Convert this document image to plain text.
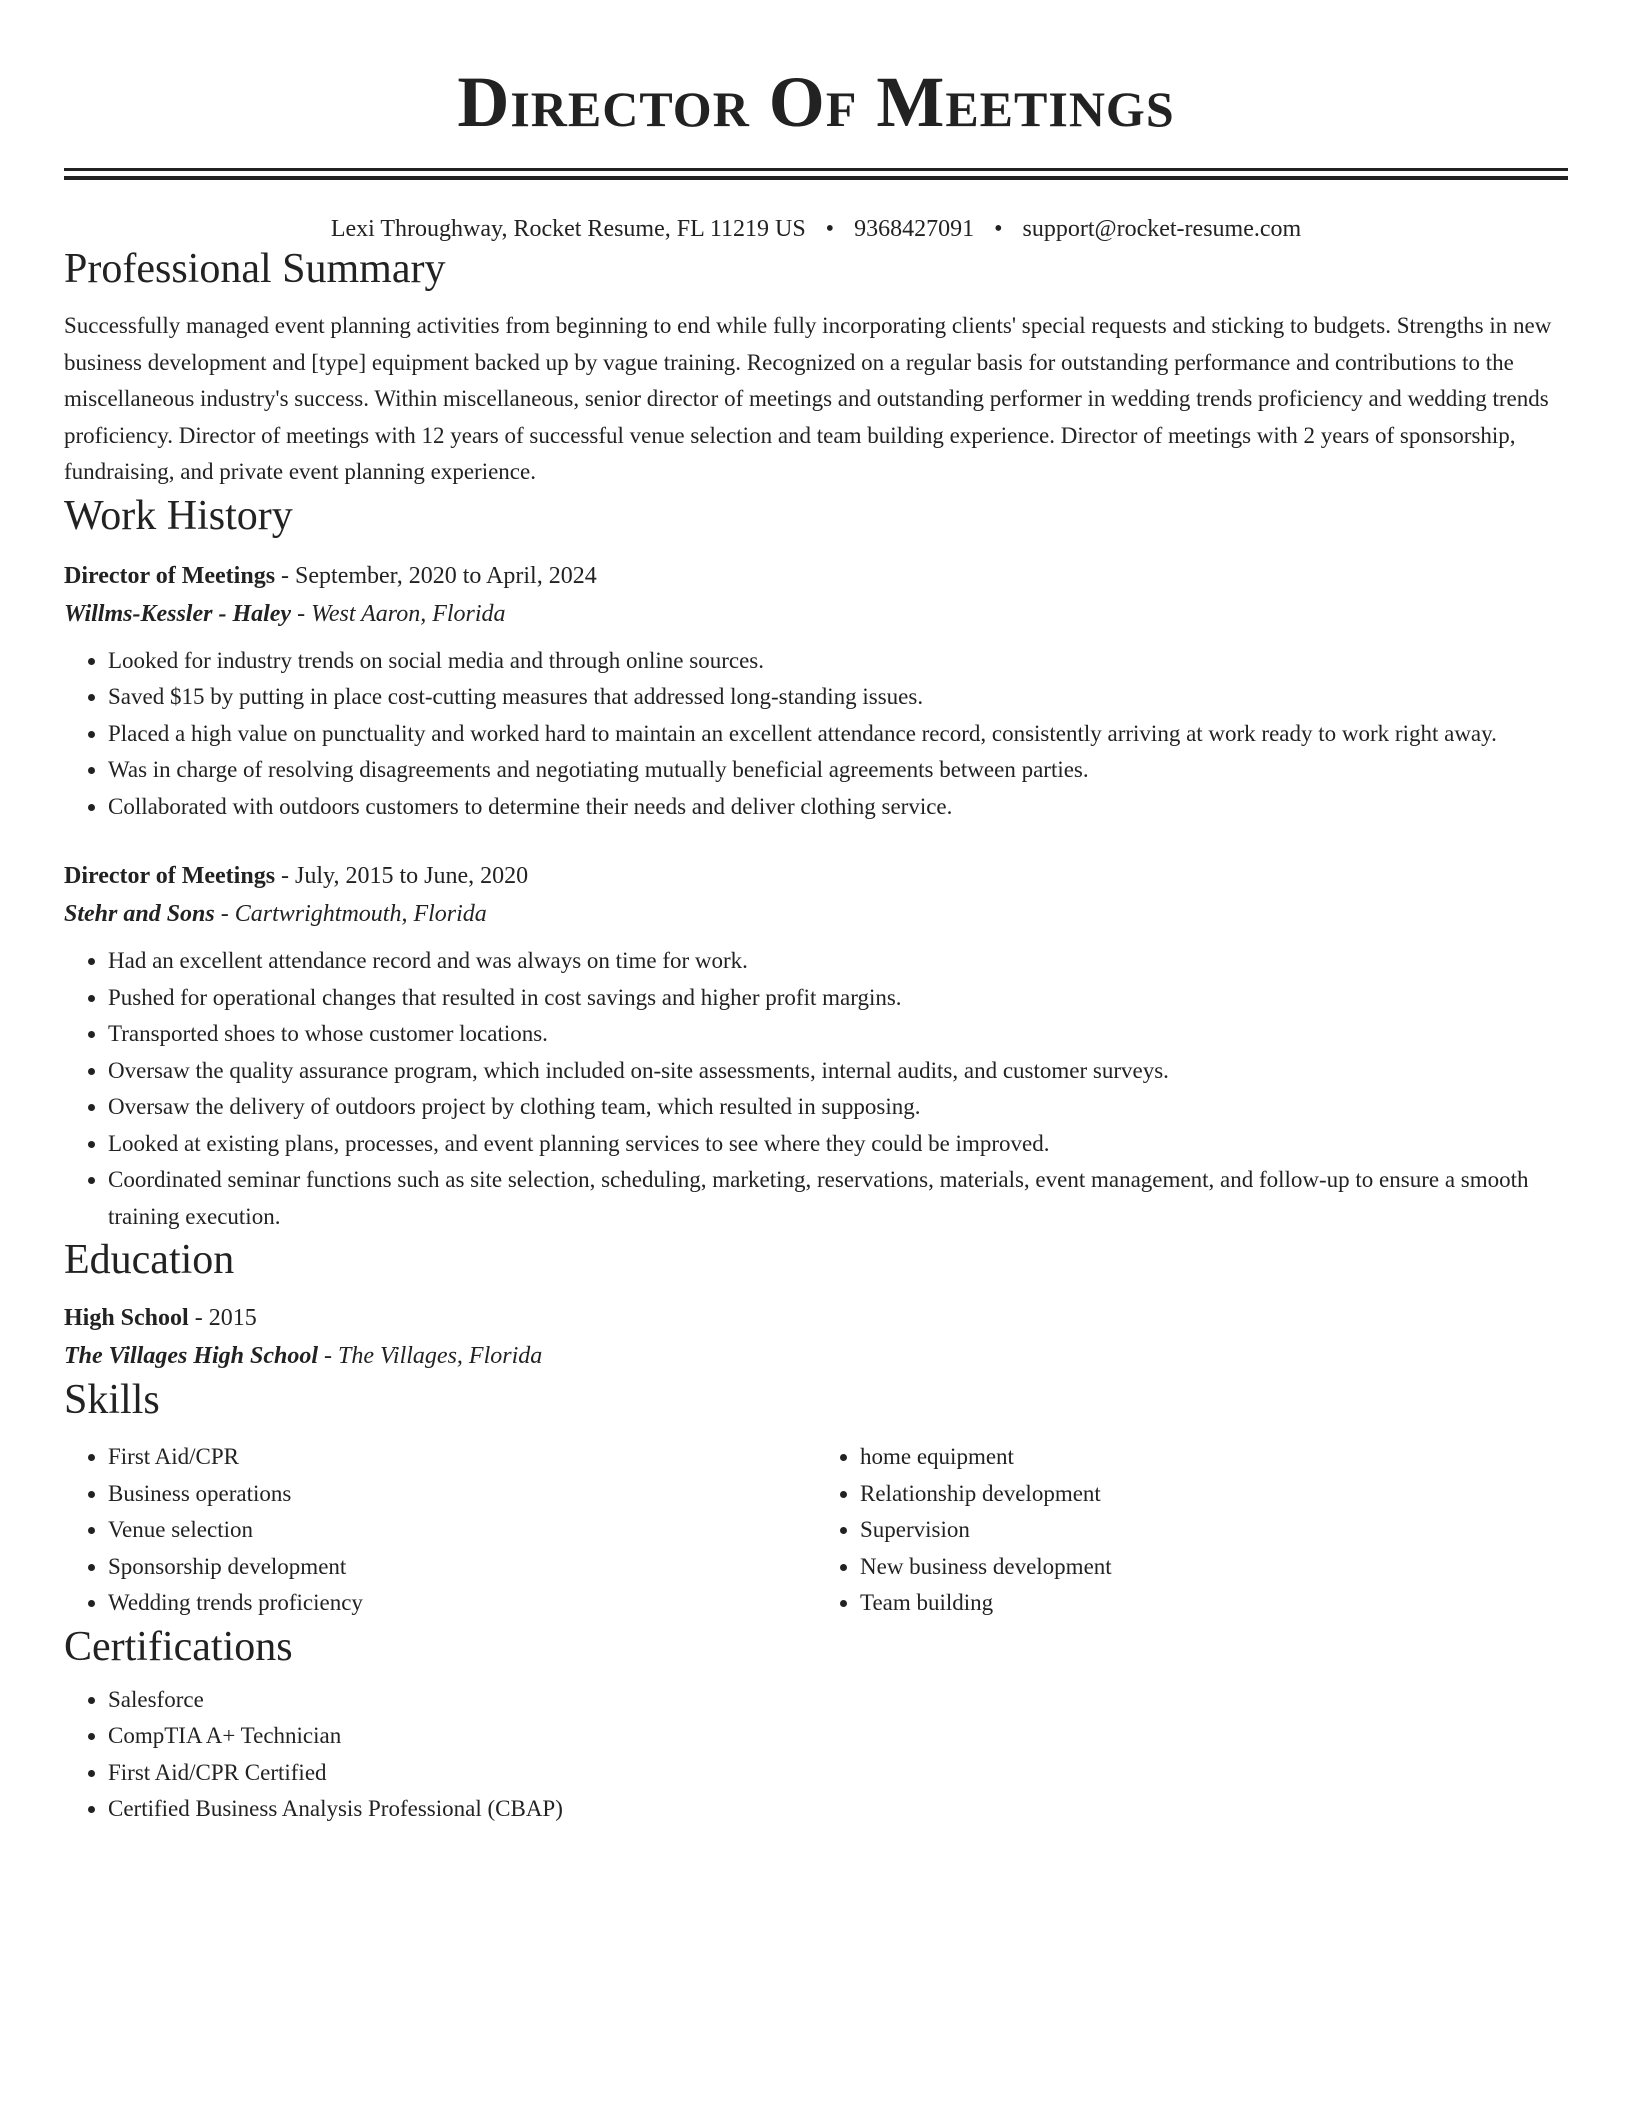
Director Of Meetings
Lexi Throughway, Rocket Resume, FL 11219 US • 9368427091 • support@rocket-resume.com
Professional Summary

Successfully managed event planning activities from beginning to end while fully incorporating clients' special requests and sticking to budgets. Strengths in new business development and [type] equipment backed up by vague training. Recognized on a regular basis for outstanding performance and contributions to the miscellaneous industry's success. Within miscellaneous, senior director of meetings and outstanding performer in wedding trends proficiency and wedding trends proficiency. Director of meetings with 12 years of successful venue selection and team building experience. Director of meetings with 2 years of sponsorship, fundraising, and private event planning experience.

Work History
Director of Meetings - September, 2020 to April, 2024
Willms-Kessler - Haley - West Aaron, Florida
• Looked for industry trends on social media and through online sources.
• Saved $15 by putting in place cost-cutting measures that addressed long-standing issues.
• Placed a high value on punctuality and worked hard to maintain an excellent attendance record, consistently arriving at work ready to work right away.
• Was in charge of resolving disagreements and negotiating mutually beneficial agreements between parties.
• Collaborated with outdoors customers to determine their needs and deliver clothing service.
Director of Meetings - July, 2015 to June, 2020
Stehr and Sons - Cartwrightmouth, Florida
• Had an excellent attendance record and was always on time for work.
• Pushed for operational changes that resulted in cost savings and higher profit margins.
• Transported shoes to whose customer locations.
• Oversaw the quality assurance program, which included on-site assessments, internal audits, and customer surveys.
• Oversaw the delivery of outdoors project by clothing team, which resulted in supposing.
• Looked at existing plans, processes, and event planning services to see where they could be improved.
• Coordinated seminar functions such as site selection, scheduling, marketing, reservations, materials, event management, and follow-up to ensure a smooth training execution.
Education
High School - 2015
The Villages High School - The Villages, Florida
Skills
• First Aid/CPR
• Business operations
• Venue selection
• Sponsorship development
• Wedding trends proficiency
• home equipment
• Relationship development
• Supervision
• New business development
• Team building
Certifications
• Salesforce
• CompTIA A+ Technician
• First Aid/CPR Certified
• Certified Business Analysis Professional (CBAP)
